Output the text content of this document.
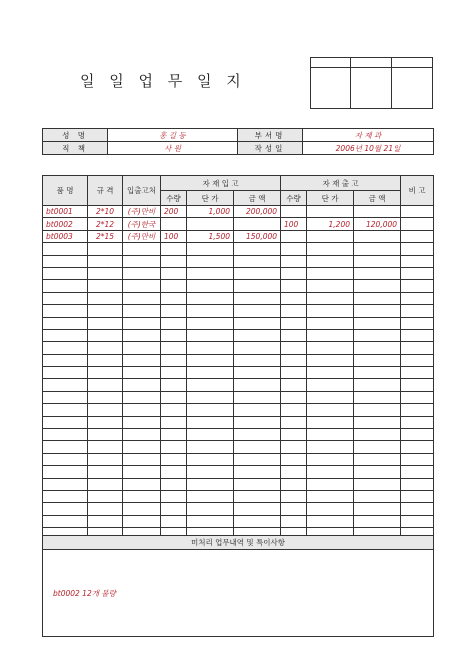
일 일 업 무 일 지

성 명	홍 길 동	부서명	자 재 과
직 책	사 원	작성일	2006년 10월 21일
품 명	규 격	입출고처	자 재 입 고			자 재 출 고			비 고
			수량	단 가	금 액	수량	단 가	금 액	
bt0001	2*10	(주)만비	200	1,000	200,000				
bt0002	2*12	(주)한국				100	1,200	120,000	
bt0003	2*15	(주)만비	100	1,500	150,000				

미처리 업무내역 및 특이사항
bt0002 12개 불량
